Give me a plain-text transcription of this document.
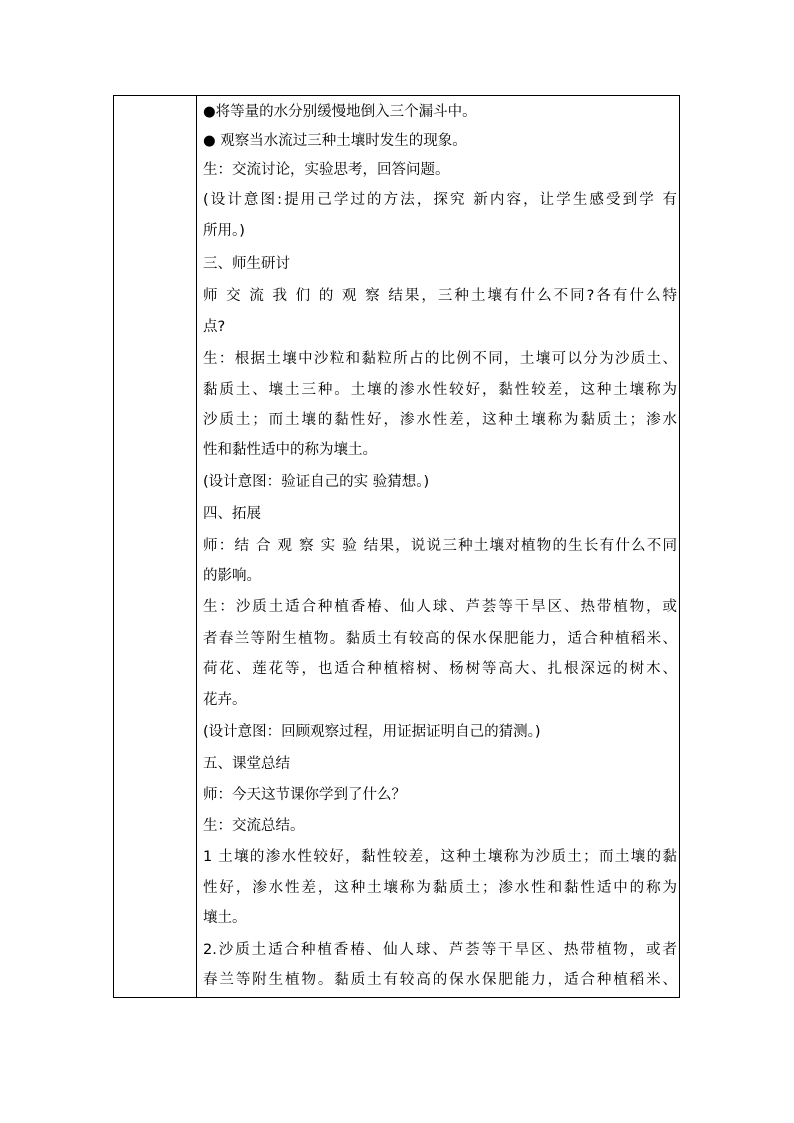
●将等量的水分别缓慢地倒入三个漏斗中。
● 观察当水流过三种土壤时发生的现象。
生：交流讨论，实验思考，回答问题。
(设计意图:提用己学过的方法，探究 新内容，让学生感受到学 有
所用。)
三、师生研讨
师 交 流 我 们 的 观 察 结果，三种土壤有什么不同?各有什么特
点?
生：根据土壤中沙粒和黏粒所占的比例不同，土壤可以分为沙质土、
黏质土、壤土三种。土壤的渗水性较好，黏性较差，这种土壤称为
沙质土；而土壤的黏性好，渗水性差，这种土壤称为黏质土；渗水
性和黏性适中的称为壤土。
(设计意图：验证自己的实 验猜想。)
四、拓展
师：结 合 观 察 实 验 结果，说说三种土壤对植物的生长有什么不同
的影响。
生：沙质土适合种植香椿、仙人球、芦荟等干旱区、热带植物，或
者春兰等附生植物。黏质土有较高的保水保肥能力，适合种植稻米、
荷花、莲花等，也适合种植榕树、杨树等高大、扎根深远的树木、
花卉。
(设计意图：回顾观察过程，用证据证明自己的猜测。)
五、课堂总结
师：今天这节课你学到了什么？
生：交流总结。
1 土壤的渗水性较好，黏性较差，这种土壤称为沙质土；而土壤的黏
性好，渗水性差，这种土壤称为黏质土；渗水性和黏性适中的称为
壤土。
2.沙质土适合种植香椿、仙人球、芦荟等干旱区、热带植物，或者
春兰等附生植物。黏质土有较高的保水保肥能力，适合种植稻米、
